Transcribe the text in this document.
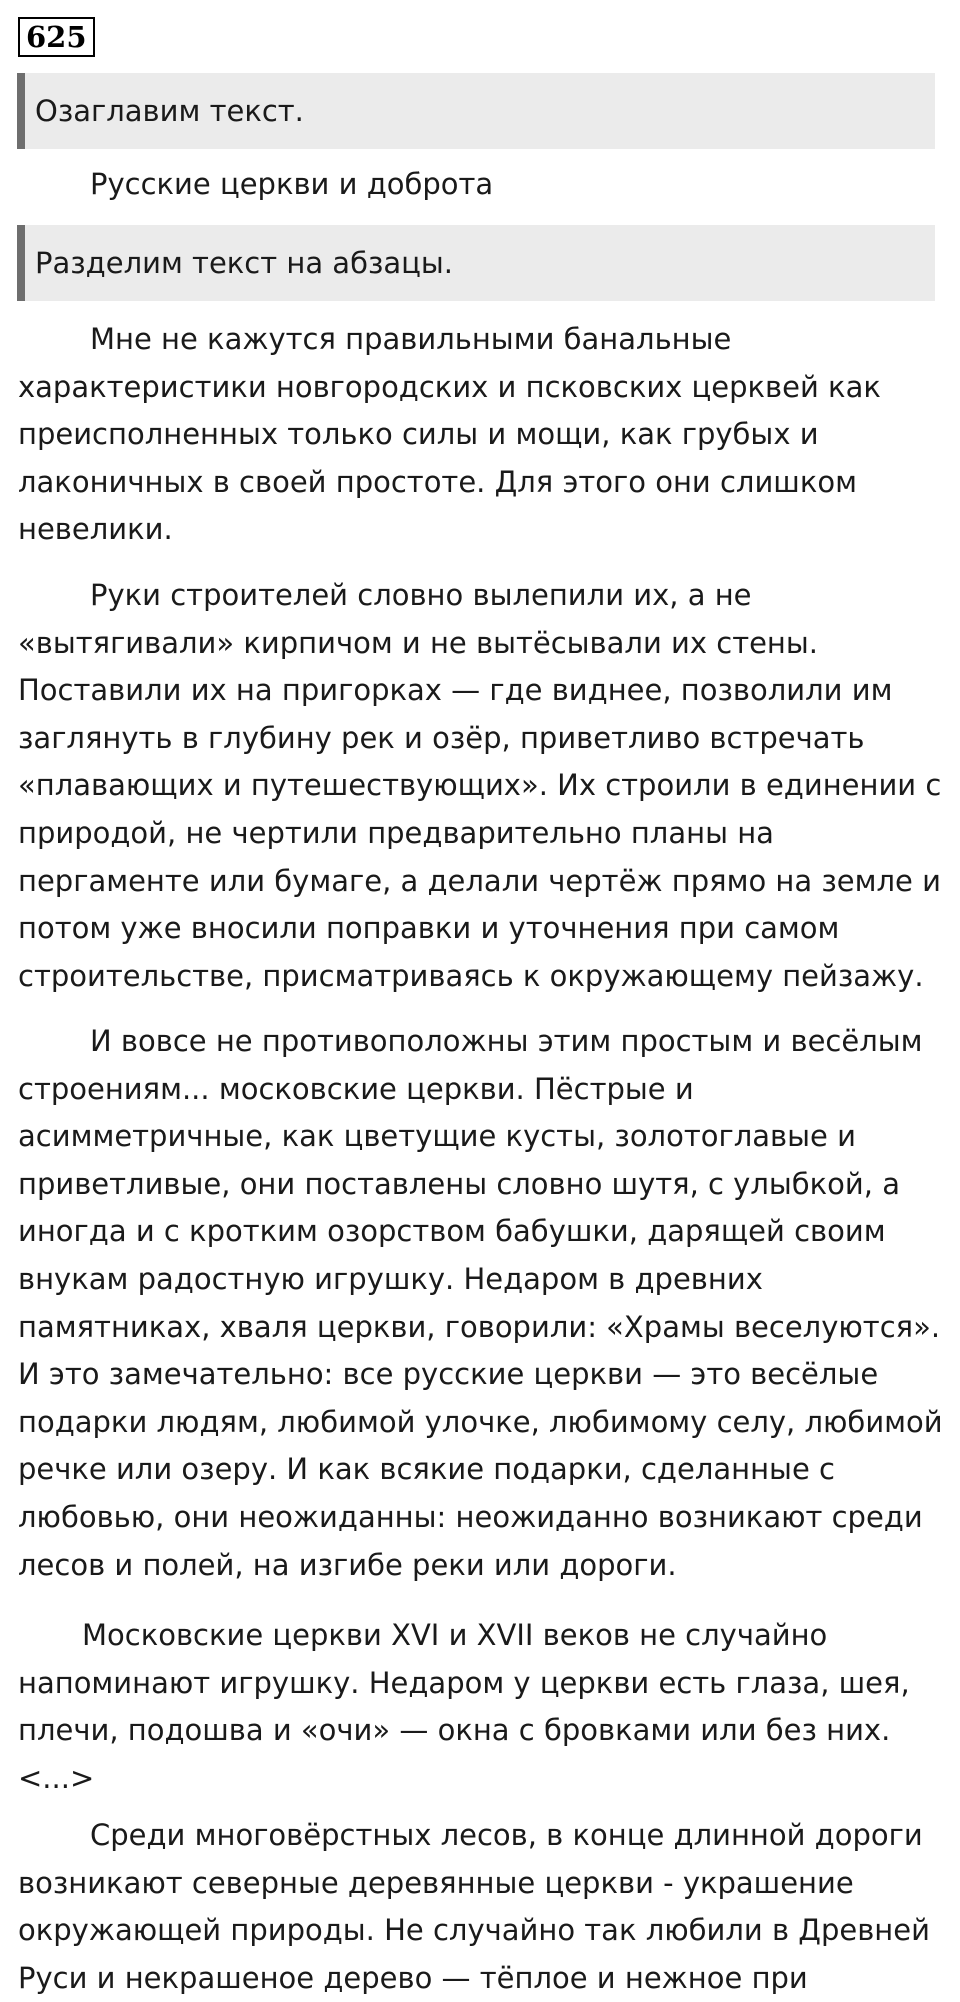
625
Озаглавим текст.
Русские церкви и доброта
Разделим текст на абзацы.

Мне не кажутся правильными банальные характеристики новгородских и псковских церквей как преисполненных только силы и мощи, как грубых и лаконичных в своей простоте. Для этого они слишком невелики.

Руки строителей словно вылепили их, а не «вытягивали» кирпичом и не вытёсывали их стены. Поставили их на пригорках — где виднее, позволили им заглянуть в глубину рек и озёр, приветливо встречать «плавающих и путешествующих». Их строили в единении с природой, не чертили предварительно планы на пергаменте или бумаге, а делали чертёж прямо на земле и потом уже вносили поправки и уточнения при самом строительстве, присматриваясь к окружающему пейзажу.

И вовсе не противоположны этим простым и весёлым строениям... московские церкви. Пёстрые и асимметричные, как цветущие кусты, золотоглавые и приветливые, они поставлены словно шутя, с улыбкой, а иногда и с кротким озорством бабушки, дарящей своим внукам радостную игрушку. Недаром в древних памятниках, хваля церкви, говорили: «Храмы веселуются». И это замечательно: все русские церкви — это весёлые подарки людям, любимой улочке, любимому селу, любимой речке или озеру. И как всякие подарки, сделанные с любовью, они неожиданны: неожиданно возникают среди лесов и полей, на изгибе реки или дороги.

Московские церкви XVI и XVII веков не случайно напоминают игрушку. Недаром у церкви есть глаза, шея, плечи, подошва и «очи» — окна с бровками или без них. <...>

Среди многовёрстных лесов, в конце длинной дороги возникают северные деревянные церкви - украшение окружающей природы. Не случайно так любили в Древней Руси и некрашеное дерево — тёплое и нежное при
